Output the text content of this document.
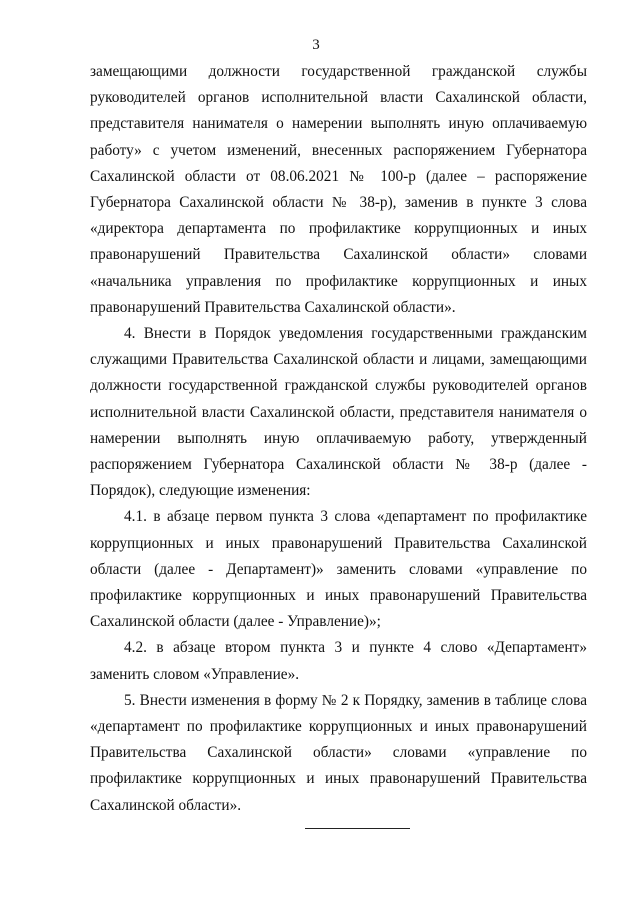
3

замещающими должности государственной гражданской службы руководителей органов исполнительной власти Сахалинской области, представителя нанимателя о намерении выполнять иную оплачиваемую работу» с учетом изменений, внесенных распоряжением Губернатора Сахалинской области от 08.06.2021 № 100-р (далее – распоряжение Губернатора Сахалинской области № 38-р), заменив в пункте 3 слова «директора департамента по профилактике коррупционных и иных правонарушений Правительства Сахалинской области» словами «начальника управления по профилактике коррупционных и иных правонарушений Правительства Сахалинской области».

4. Внести в Порядок уведомления государственными гражданским служащими Правительства Сахалинской области и лицами, замещающими должности государственной гражданской службы руководителей органов исполнительной власти Сахалинской области, представителя нанимателя о намерении выполнять иную оплачиваемую работу, утвержденный распоряжением Губернатора Сахалинской области № 38-р (далее - Порядок), следующие изменения:

4.1. в абзаце первом пункта 3 слова «департамент по профилактике коррупционных и иных правонарушений Правительства Сахалинской области (далее - Департамент)» заменить словами «управление по профилактике коррупционных и иных правонарушений Правительства Сахалинской области (далее - Управление)»;

4.2. в абзаце втором пункта 3 и пункте 4 слово «Департамент» заменить словом «Управление».

5. Внести изменения в форму № 2 к Порядку, заменив в таблице слова «департамент по профилактике коррупционных и иных правонарушений Правительства Сахалинской области» словами «управление по профилактике коррупционных и иных правонарушений Правительства Сахалинской области».
